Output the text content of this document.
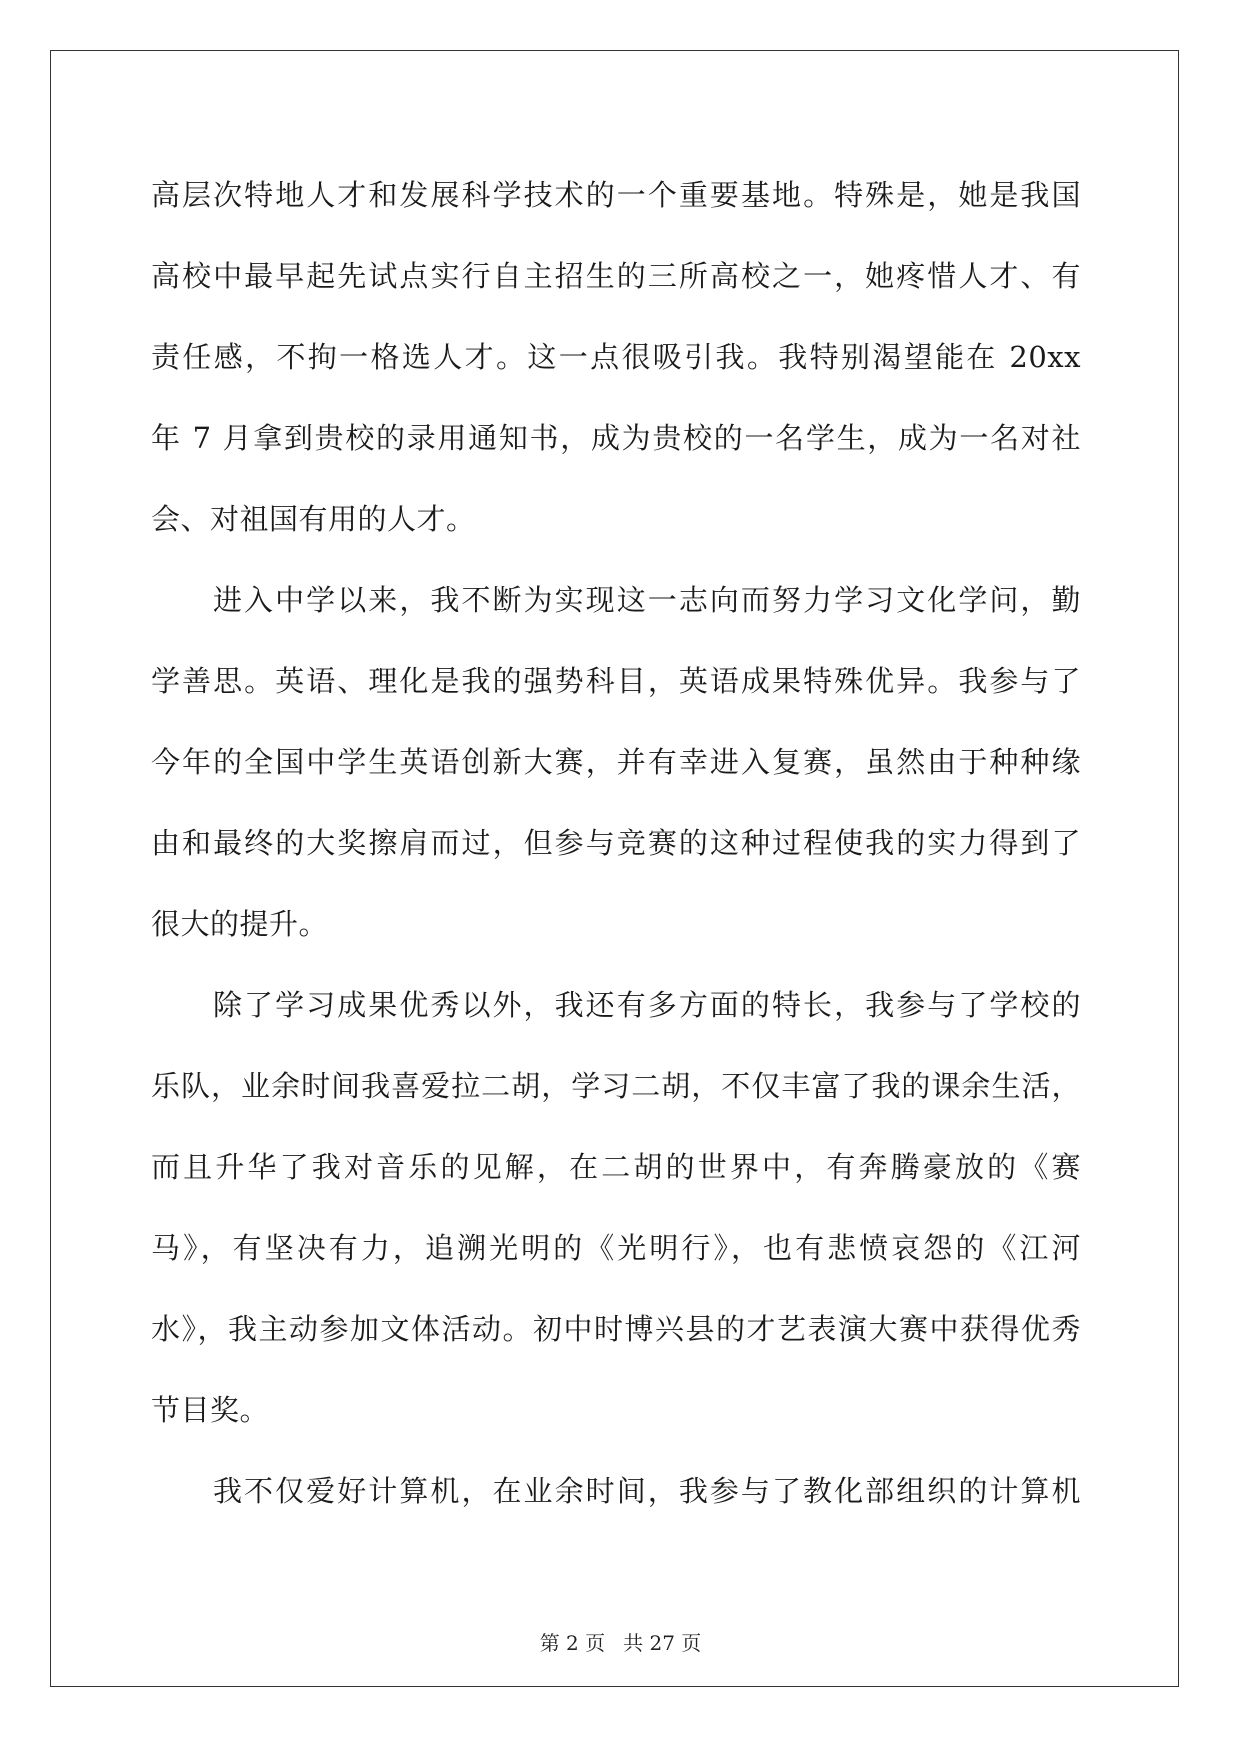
高层次特地人才和发展科学技术的一个重要基地。特殊是，她是我国
高校中最早起先试点实行自主招生的三所高校之一，她疼惜人才、有
责任感，不拘一格选人才。这一点很吸引我。我特别渴望能在 20xx
年 7 月拿到贵校的录用通知书，成为贵校的一名学生，成为一名对社
会、对祖国有用的人才。
进入中学以来，我不断为实现这一志向而努力学习文化学问，勤
学善思。英语、理化是我的强势科目，英语成果特殊优异。我参与了
今年的全国中学生英语创新大赛，并有幸进入复赛，虽然由于种种缘
由和最终的大奖擦肩而过，但参与竞赛的这种过程使我的实力得到了
很大的提升。
除了学习成果优秀以外，我还有多方面的特长，我参与了学校的
乐队，业余时间我喜爱拉二胡，学习二胡，不仅丰富了我的课余生活，
而且升华了我对音乐的见解，在二胡的世界中，有奔腾豪放的《赛
马》，有坚决有力，追溯光明的《光明行》，也有悲愤哀怨的《江河
水》，我主动参加文体活动。初中时博兴县的才艺表演大赛中获得优秀
节目奖。
我不仅爱好计算机，在业余时间，我参与了教化部组织的计算机
第 2 页 共 27 页
